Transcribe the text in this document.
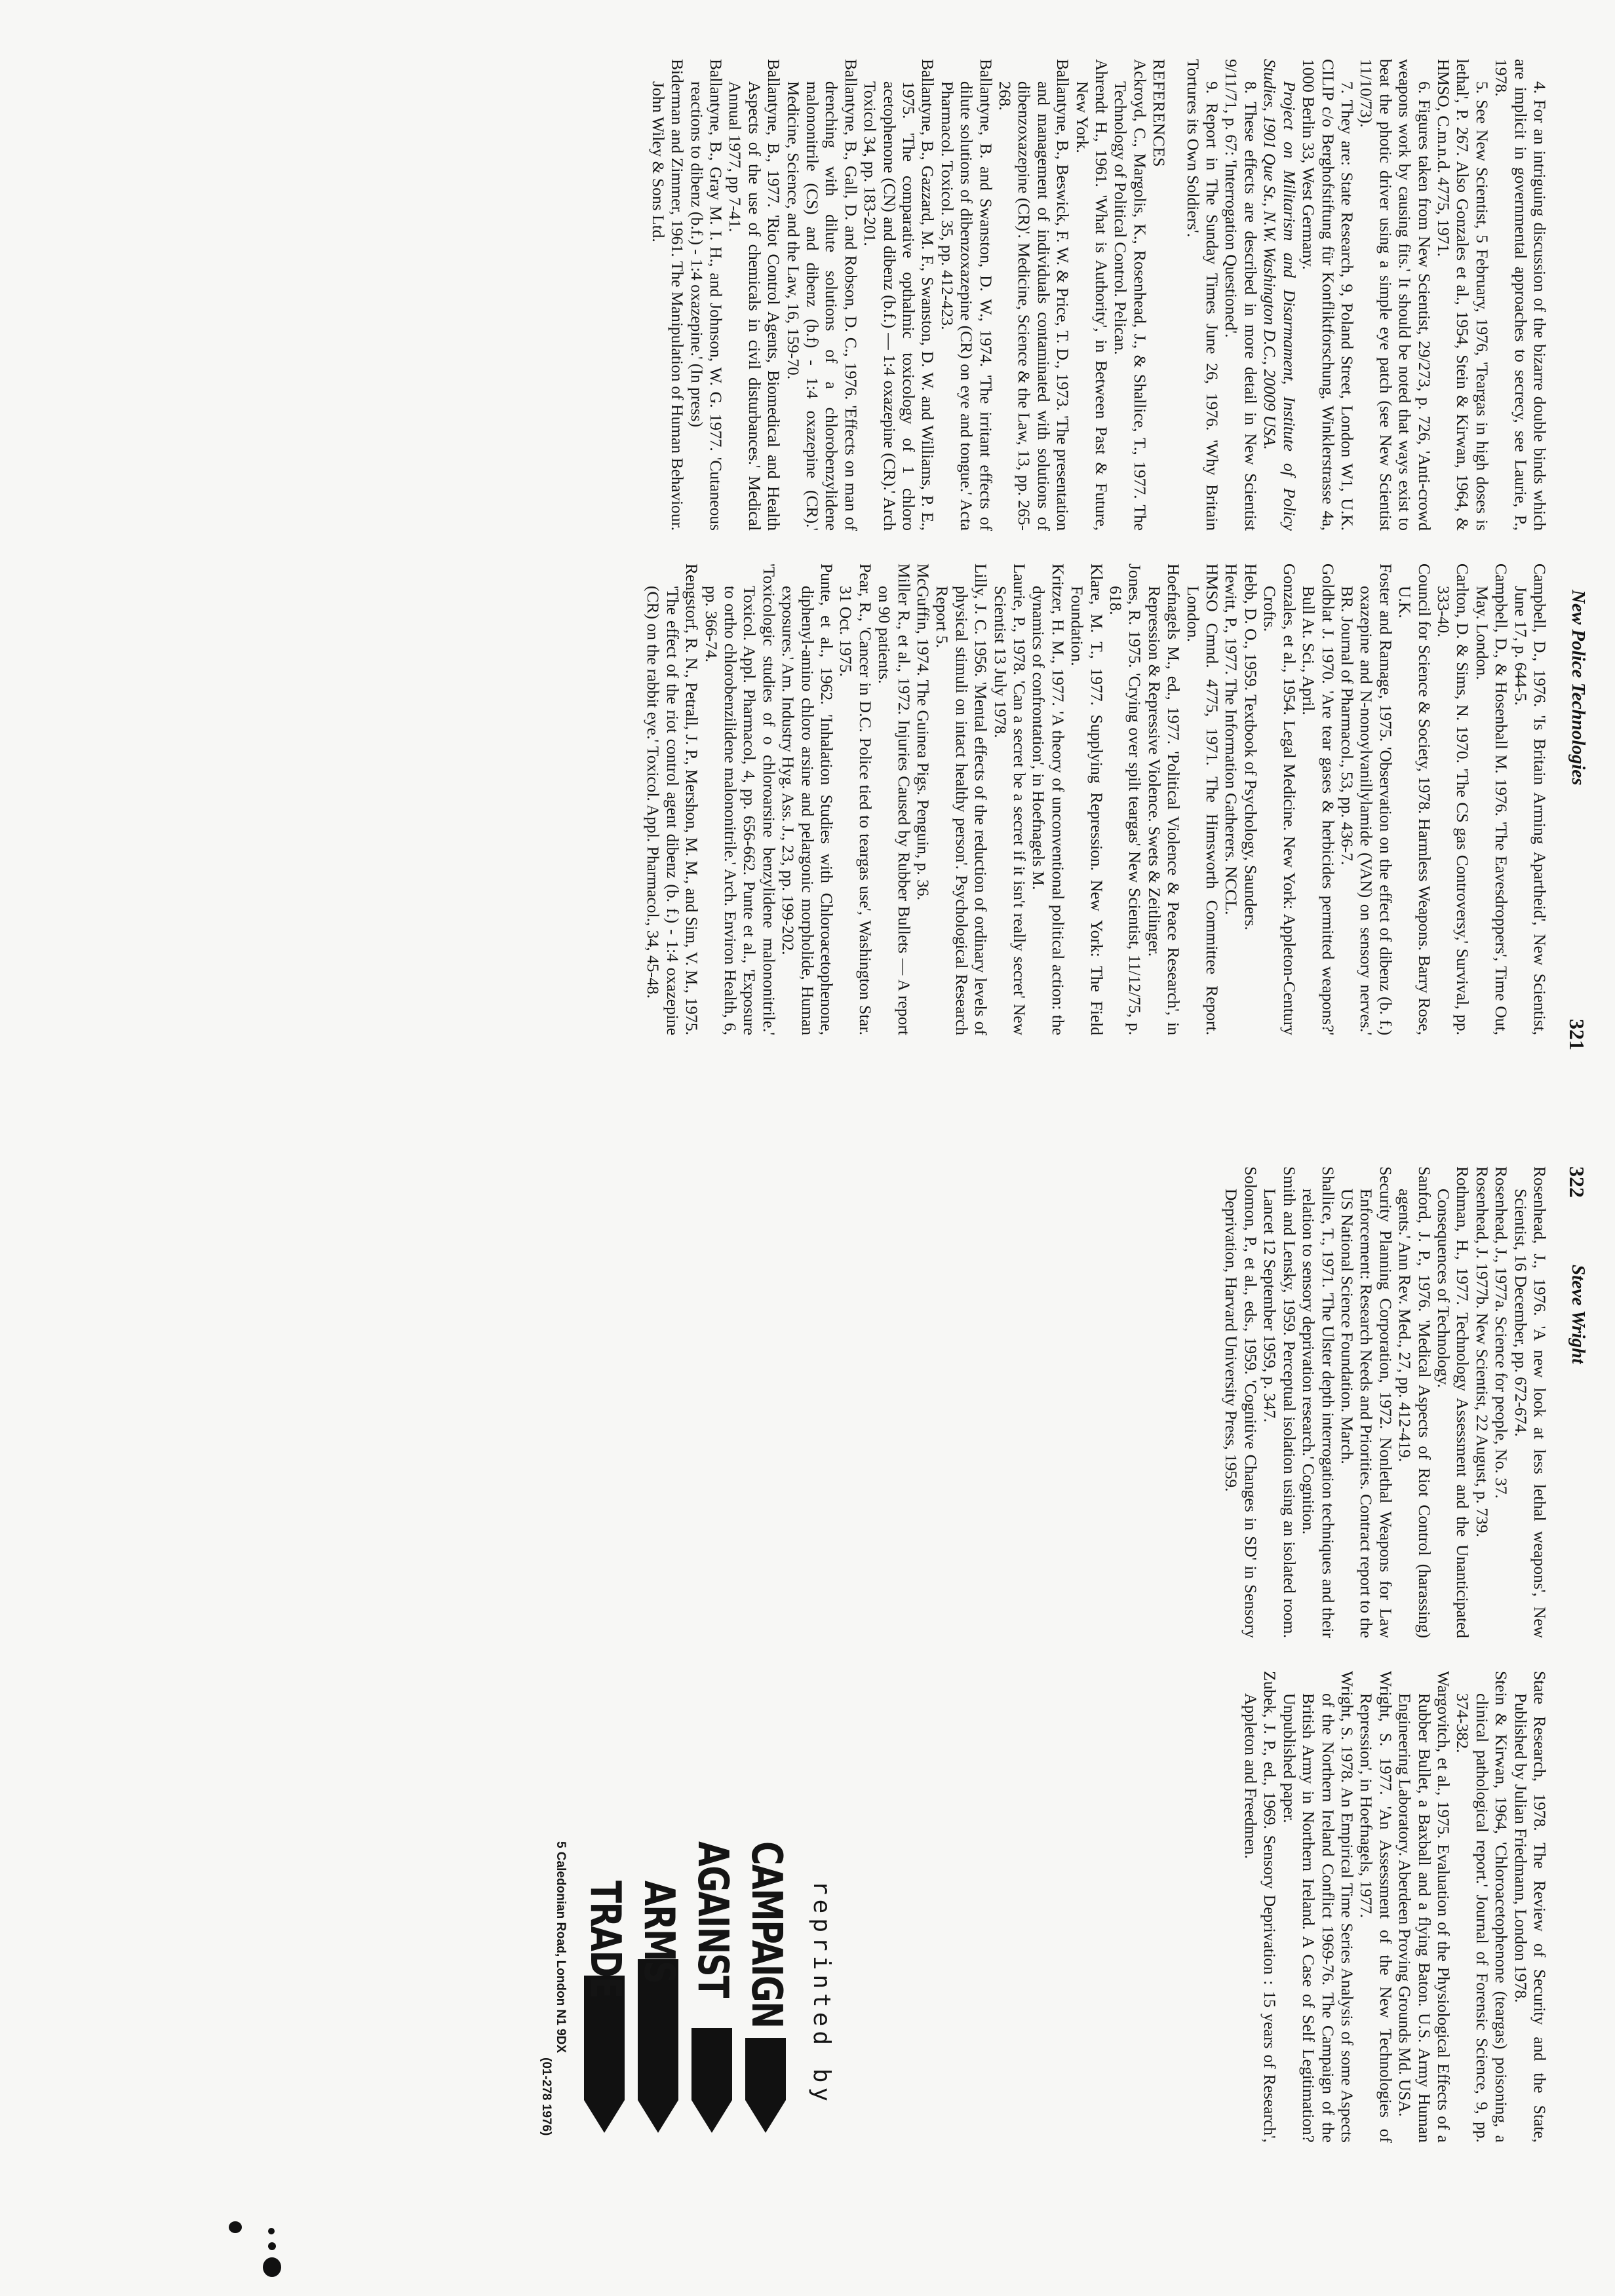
New Police Technologies
321
322
Steve Wright

4. For an intriguing discussion of the bizarre double binds which are implicit in governmental approaches to secrecy, see Laurie, P., 1978.

5. See New Scientist, 5 February, 1976, 'Teargas in high doses is lethal', P. 267. Also Gonzales et al., 1954, Stein & Kirwan, 1964, & HMSO, C.m.n.d. 4775, 1971.

6. Figures taken from New Scientist, 29/273, p. 726, 'Anti-crowd weapons work by causing fits.' It should be noted that ways exist to beat the photic driver using a simple eye patch (see New Scientist 11/10/73).

7. They are: State Research, 9, Poland Street, London W1, U.K. CILIP c/o Berghofstiftung für Konfliktforschung, Winklerstrasse 4a, 1000 Berlin 33, West Germany.

Project on Militarism and Disarmament, Institute of Policy Studies, 1901 Que St., N.W. Washington D.C., 20009 USA.

8. These effects are described in more detail in New Scientist 9/11/71, p. 67: 'Interrogation Questioned'.

9. Report in The Sunday Times June 26, 1976. 'Why Britain Tortures its Own Soldiers'.

REFERENCES

Ackroyd, C., Margolis, K., Rosenhead, J., & Shallice, T., 1977. The Technology of Political Control. Pelican.

Ahrendt H., 1961. 'What is Authority', in Between Past & Future, New York.

Ballantyne, B., Beswick, F. W. & Price, T. D., 1973. 'The presentation and management of individuals contaminated with solutions of dibenzoxazepine (CR)'. Medicine, Science & the Law, 13, pp. 265-268.

Ballantyne, B. and Swanston, D. W., 1974. 'The irritant effects of dilute solutions of dibenzoxazepine (CR) on eye and tongue.' Acta Pharmacol. Toxicol. 35, pp. 412-423.

Ballantyne, B., Gazzard, M. F., Swanston, D. W. and Williams, P. E., 1975. 'The comparative opthalmic toxicology of 1 chloro acetophenone (CN) and dibenz (b.f.) — 1:4 oxazepine (CR).' Arch Toxicol 34, pp. 183-201.

Ballantyne, B., Gall, D. and Robson, D. C., 1976. 'Effects on man of drenching with dilute solutions of a chlorobenzylidene malononitrile (CS) and dibenz (b.f) - 1:4 oxazepine (CR).' Medicine, Science, and the Law, 16, 159-70.

Ballantyne, B., 1977. 'Riot Control Agents, Biomedical and Health Aspects of the use of chemicals in civil disturbances.' Medical Annual 1977, pp 7-41.

Ballantyne, B., Gray M. I. H., and Johnson, W. G. 1977. 'Cutaneous reactions to dibenz (b.f.) - 1:4 oxazepine.' (In press)

Biderman and Zimmer, 1961. The Manipulation of Human Behaviour. John Wiley & Sons Ltd.

Campbell, D., 1976. 'Is Britain Arming Apartheid', New Scientist, June 17, p. 644-5.

Campbell, D., & Hosenball M. 1976. 'The Eavesdroppers', Time Out, May. London.

Carlton, D. & Sims, N. 1970. 'The CS gas Controversy,' Survival, pp. 333-40.

Council for Science & Society, 1978. Harmless Weapons. Barry Rose, U.K.

Foster and Ramage, 1975. 'Observation on the effect of dibenz (b. f.) oxazepine and N-nonoylvanillylamide (VAN) on sensory nerves.' BR. Journal of Pharmacol., 53, pp. 436-7.

Goldblat J. 1970. 'Are tear gases & herbicides permitted weapons?' Bull At. Sci., April.

Gonzales, et al., 1954. Legal Medicine. New York: Appleton-Century Crofts.

Hebb, D. O., 1959. Textbook of Psychology, Saunders.

Hewitt, P., 1977. The Information Gatherers. NCCL.

HMSO Cmnd. 4775, 1971. The Himsworth Committee Report. London.

Hoefnagels M., ed., 1977. 'Political Violence & Peace Research', in Repression & Repressive Violence. Swets & Zeitlinger.

Jones, R. 1975. 'Crying over spilt teargas' New Scientist, 11/12/75, p. 618.

Klare, M. T., 1977. Supplying Repression. New York: The Field Foundation.

Kritzer, H. M., 1977. 'A theory of unconventional political action: the dynamics of confrontation', in Hoefnagels M.

Laurie, P., 1978. 'Can a secret be a secret if it isn't really secret' New Scientist 13 July 1978.

Lilly, J. C. 1956. 'Mental effects of the reduction of ordinary levels of physical stimuli on intact healthy person'. Psychological Research Report 5.

McGuffin, 1974. The Guinea Pigs. Penguin, p. 36.

Miller R., et al., 1972. Injuries Caused by Rubber Bullets — A report on 90 patients.

Pear, R., 'Cancer in D.C. Police tied to teargas use', Washington Star. 31 Oct. 1975.

Punte, et al., 1962. 'Inhalation Studies with Chloroacetophenone, diphenyl-amino chloro arsine and pelargonic morpholide, Human exposures.' Am. Industry Hyg. Ass. J., 23, pp. 199-202.

'Toxicologic studies of o chloroarsine benzylidene malononitrile.' Toxicol. Appl. Pharmacol, 4, pp. 656-662. Punte et al., 'Exposure to ortho chlorobenzilidene malononitrile.' Arch. Environ Health, 6, pp. 366-74.

Rengstorf, R. N., Petrall, J. P., Mershon, M. M., and Sim, V. M., 1975. 'The effect of the riot control agent dibenz (b. f.) - 1:4 oxazepine (CR) on the rabbit eye.' Toxicol. Appl. Pharmacol., 34, 45-48.

Rosenhead, J., 1976. 'A new look at less lethal weapons', New Scientist, 16 December, pp. 672-674.

Rosenhead, J., 1977a. Science for people, No. 37.

Rosenhead, J. 1977b. New Scientist, 22 August, p. 739.

Rothman, H., 1977. Technology Assessment and the Unanticipated Consequences of Technology.

Sanford, J. P., 1976. 'Medical Aspects of Riot Control (harassing) agents.' Ann Rev. Med., 27, pp. 412-419.

Security Planning Corporation, 1972. Nonlethal Weapons for Law Enforcement: Research Needs and Priorities. Contract report to the US National Science Foundation. March.

Shallice, T., 1971. 'The Ulster depth interrogation techniques and their relation to sensory deprivation research.' Cognition.

Smith and Lensky, 1959. Perceptual isolation using an isolated room. Lancet 12 September 1959, p. 347.

Solomon, P., et al., eds., 1959. 'Cognitive Changes in SD' in Sensory Deprivation, Harvard University Press, 1959.

State Research, 1978. The Review of Security and the State, Published by Julian Friedmann, London 1978.

Stein & Kirwan, 1964, 'Chloroacetophenone (teargas) poisoning, a clinical pathological report.' Journal of Forensic Science, 9, pp. 374-382.

Wargovitch, et al., 1975. Evaluation of the Physiological Effects of a Rubber Bullet, a Baxball and a flying Baton. U.S. Army Human Engineering Laboratory. Aberdeen Proving Grounds Md. USA.

Wright, S. 1977. 'An Assessment of the New Technologies of Repression', in Hoefnagels, 1977.

Wright, S. 1978. An Empirical Time Series Analysis of some Aspects of the Northern Ireland Conflict 1969-76. The Campaign of the British Army in Northern Ireland. A Case of Self Legitimation? Unpublished paper.

Zubek, J. P., ed., 1969. Sensory Deprivation : 15 years of Research', Appleton and Freedmen.

reprinted by
CAMPAIGN
AGAINST
ARMS
TRADE
5 Caledonian Road, London N1 9DX
(01-278 1976)
